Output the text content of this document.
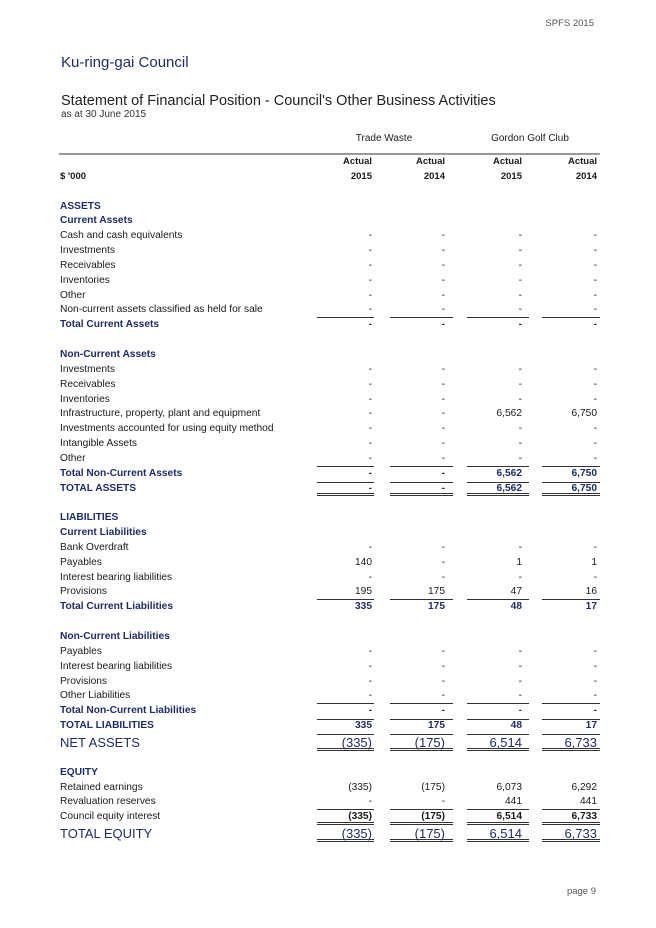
SPFS 2015
Ku-ring-gai Council
Statement of Financial Position - Council's Other Business Activities
as at 30 June 2015
Trade Waste	Gordon Golf Club
Actual	Actual	Actual	Actual
$ '000	2015	2014	2015	2014
ASSETS
Current Assets
Cash and cash equivalents	-	-	-	-
Investments	-	-	-	-
Receivables	-	-	-	-
Inventories	-	-	-	-
Other	-	-	-	-
Non-current assets classified as held for sale	-	-	-	-
Total Current Assets	-	-	-	-
Non-Current Assets
Investments	-	-	-	-
Receivables	-	-	-	-
Inventories	-	-	-	-
Infrastructure, property, plant and equipment	-	-	6,562	6,750
Investments accounted for using equity method	-	-	-	-
Intangible Assets	-	-	-	-
Other	-	-	-	-
Total Non-Current Assets	-	-	6,562	6,750
TOTAL ASSETS	-	-	6,562	6,750
LIABILITIES
Current Liabilities
Bank Overdraft	-	-	-	-
Payables	140	-	1	1
Interest bearing liabilities	-	-	-	-
Provisions	195	175	47	16
Total Current Liabilities	335	175	48	17
Non-Current Liabilities
Payables	-	-	-	-
Interest bearing liabilities	-	-	-	-
Provisions	-	-	-	-
Other Liabilities	-	-	-	-
Total Non-Current Liabilities	-	-	-	-
TOTAL LIABILITIES	335	175	48	17
NET ASSETS	(335)	(175)	6,514	6,733
EQUITY
Retained earnings	(335)	(175)	6,073	6,292
Revaluation reserves	-	-	441	441
Council equity interest	(335)	(175)	6,514	6,733
TOTAL EQUITY	(335)	(175)	6,514	6,733
page 9
